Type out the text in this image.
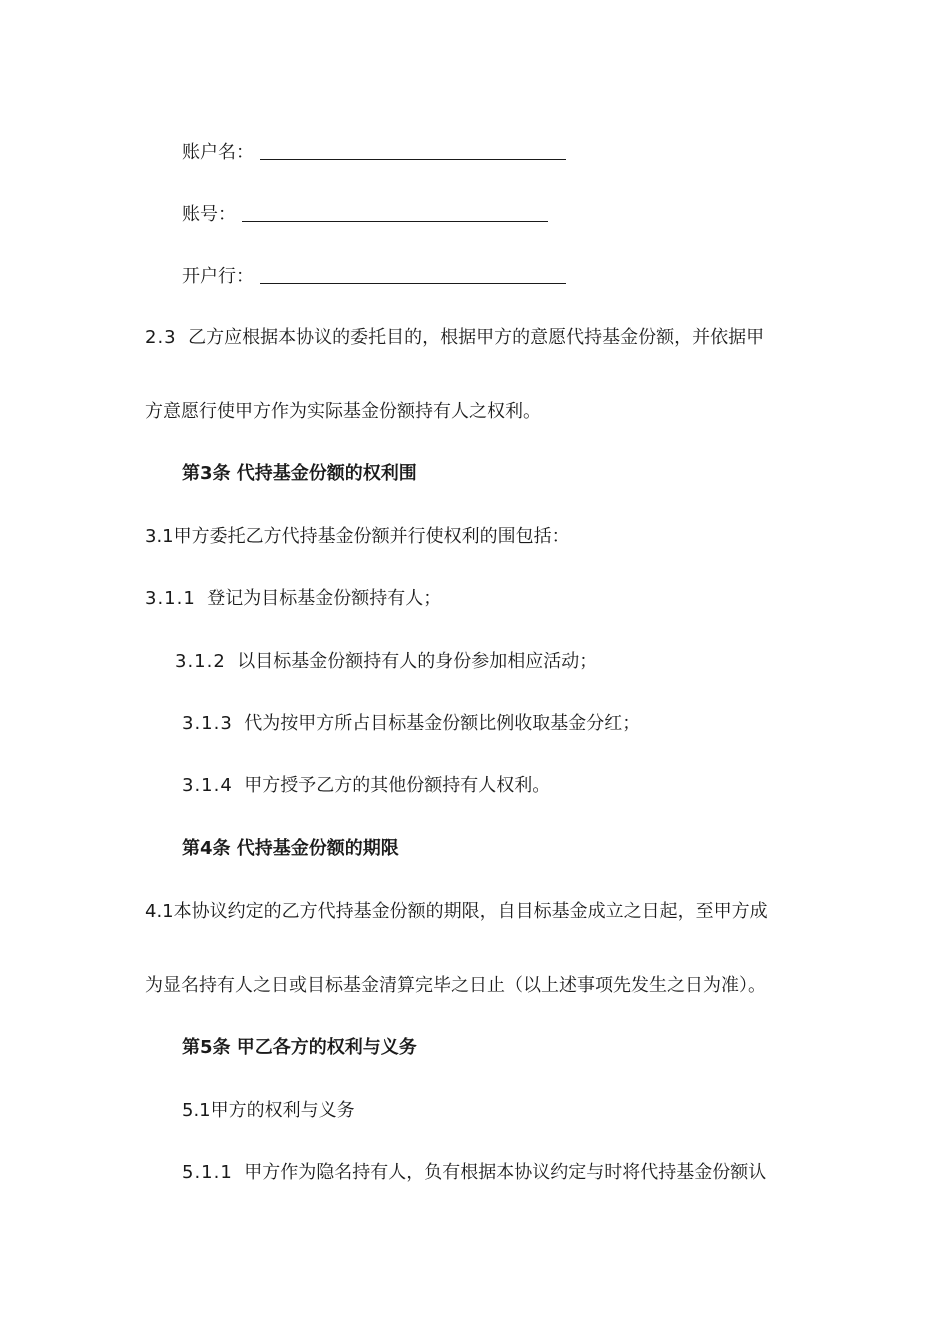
账户名：
账号：
开户行：
2.3 乙方应根据本协议的委托目的，根据甲方的意愿代持基金份额，并依据甲
方意愿行使甲方作为实际基金份额持有人之权利。
第3条 代持基金份额的权利围
3.1甲方委托乙方代持基金份额并行使权利的围包括：
3.1.1 登记为目标基金份额持有人；
3.1.2 以目标基金份额持有人的身份参加相应活动；
3.1.3 代为按甲方所占目标基金份额比例收取基金分红；
3.1.4 甲方授予乙方的其他份额持有人权利。
第4条 代持基金份额的期限
4.1本协议约定的乙方代持基金份额的期限，自目标基金成立之日起，至甲方成
为显名持有人之日或目标基金清算完毕之日止（以上述事项先发生之日为准）。
第5条 甲乙各方的权利与义务
5.1甲方的权利与义务
5.1.1 甲方作为隐名持有人，负有根据本协议约定与时将代持基金份额认
